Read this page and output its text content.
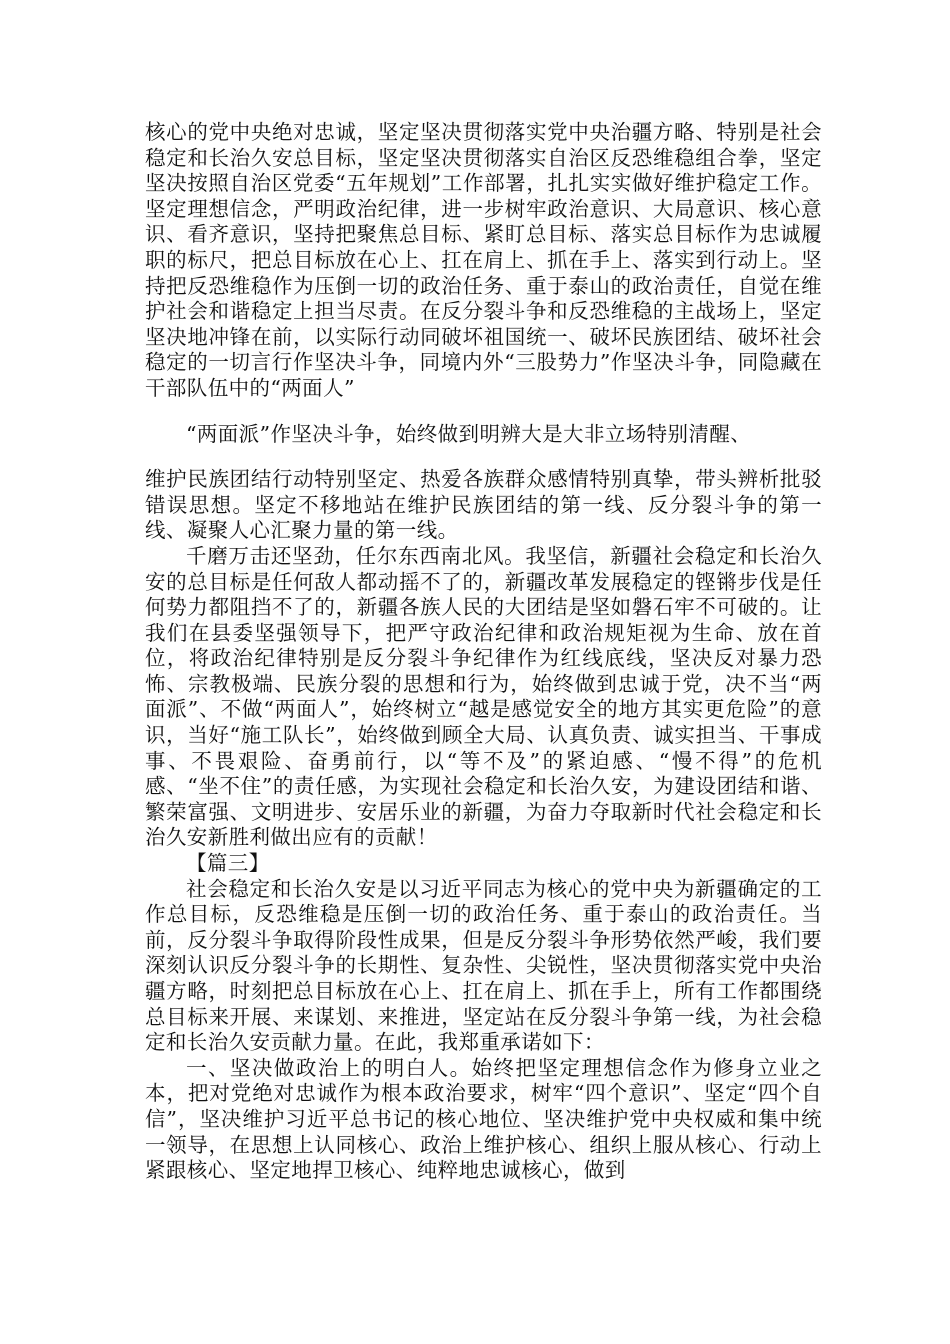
核心的党中央绝对忠诚，坚定坚决贯彻落实党中央治疆方略、特别是社会稳定和长治久安总目标，坚定坚决贯彻落实自治区反恐维稳组合拳，坚定坚决按照自治区党委“五年规划”工作部署，扎扎实实做好维护稳定工作。坚定理想信念，严明政治纪律，进一步树牢政治意识、大局意识、核心意识、看齐意识，坚持把聚焦总目标、紧盯总目标、落实总目标作为忠诚履职的标尺，把总目标放在心上、扛在肩上、抓在手上、落实到行动上。坚持把反恐维稳作为压倒一切的政治任务、重于泰山的政治责任，自觉在维护社会和谐稳定上担当尽责。在反分裂斗争和反恐维稳的主战场上，坚定坚决地冲锋在前，以实际行动同破坏祖国统一、破坏民族团结、破坏社会稳定的一切言行作坚决斗争，同境内外“三股势力”作坚决斗争，同隐藏在干部队伍中的“两面人”

“两面派”作坚决斗争，始终做到明辨大是大非立场特别清醒、

维护民族团结行动特别坚定、热爱各族群众感情特别真挚，带头辨析批驳错误思想。坚定不移地站在维护民族团结的第一线、反分裂斗争的第一线、凝聚人心汇聚力量的第一线。

千磨万击还坚劲，任尔东西南北风。我坚信，新疆社会稳定和长治久安的总目标是任何敌人都动摇不了的，新疆改革发展稳定的铿锵步伐是任何势力都阻挡不了的，新疆各族人民的大团结是坚如磐石牢不可破的。让我们在县委坚强领导下，把严守政治纪律和政治规矩视为生命、放在首位，将政治纪律特别是反分裂斗争纪律作为红线底线，坚决反对暴力恐怖、宗教极端、民族分裂的思想和行为，始终做到忠诚于党，决不当“两面派”、不做“两面人”，始终树立“越是感觉安全的地方其实更危险”的意识，当好“施工队长”，始终做到顾全大局、认真负责、诚实担当、干事成事、不畏艰险、奋勇前行，以“等不及”的紧迫感、“慢不得”的危机感、“坐不住”的责任感，为实现社会稳定和长治久安，为建设团结和谐、繁荣富强、文明进步、安居乐业的新疆，为奋力夺取新时代社会稳定和长治久安新胜利做出应有的贡献！

【篇三】

社会稳定和长治久安是以习近平同志为核心的党中央为新疆确定的工作总目标，反恐维稳是压倒一切的政治任务、重于泰山的政治责任。当前，反分裂斗争取得阶段性成果，但是反分裂斗争形势依然严峻，我们要深刻认识反分裂斗争的长期性、复杂性、尖锐性，坚决贯彻落实党中央治疆方略，时刻把总目标放在心上、扛在肩上、抓在手上，所有工作都围绕总目标来开展、来谋划、来推进，坚定站在反分裂斗争第一线，为社会稳定和长治久安贡献力量。在此，我郑重承诺如下：

一、坚决做政治上的明白人。始终把坚定理想信念作为修身立业之本，把对党绝对忠诚作为根本政治要求，树牢“四个意识”、坚定“四个自信”，坚决维护习近平总书记的核心地位、坚决维护党中央权威和集中统一领导，在思想上认同核心、政治上维护核心、组织上服从核心、行动上紧跟核心、坚定地捍卫核心、纯粹地忠诚核心，做到
